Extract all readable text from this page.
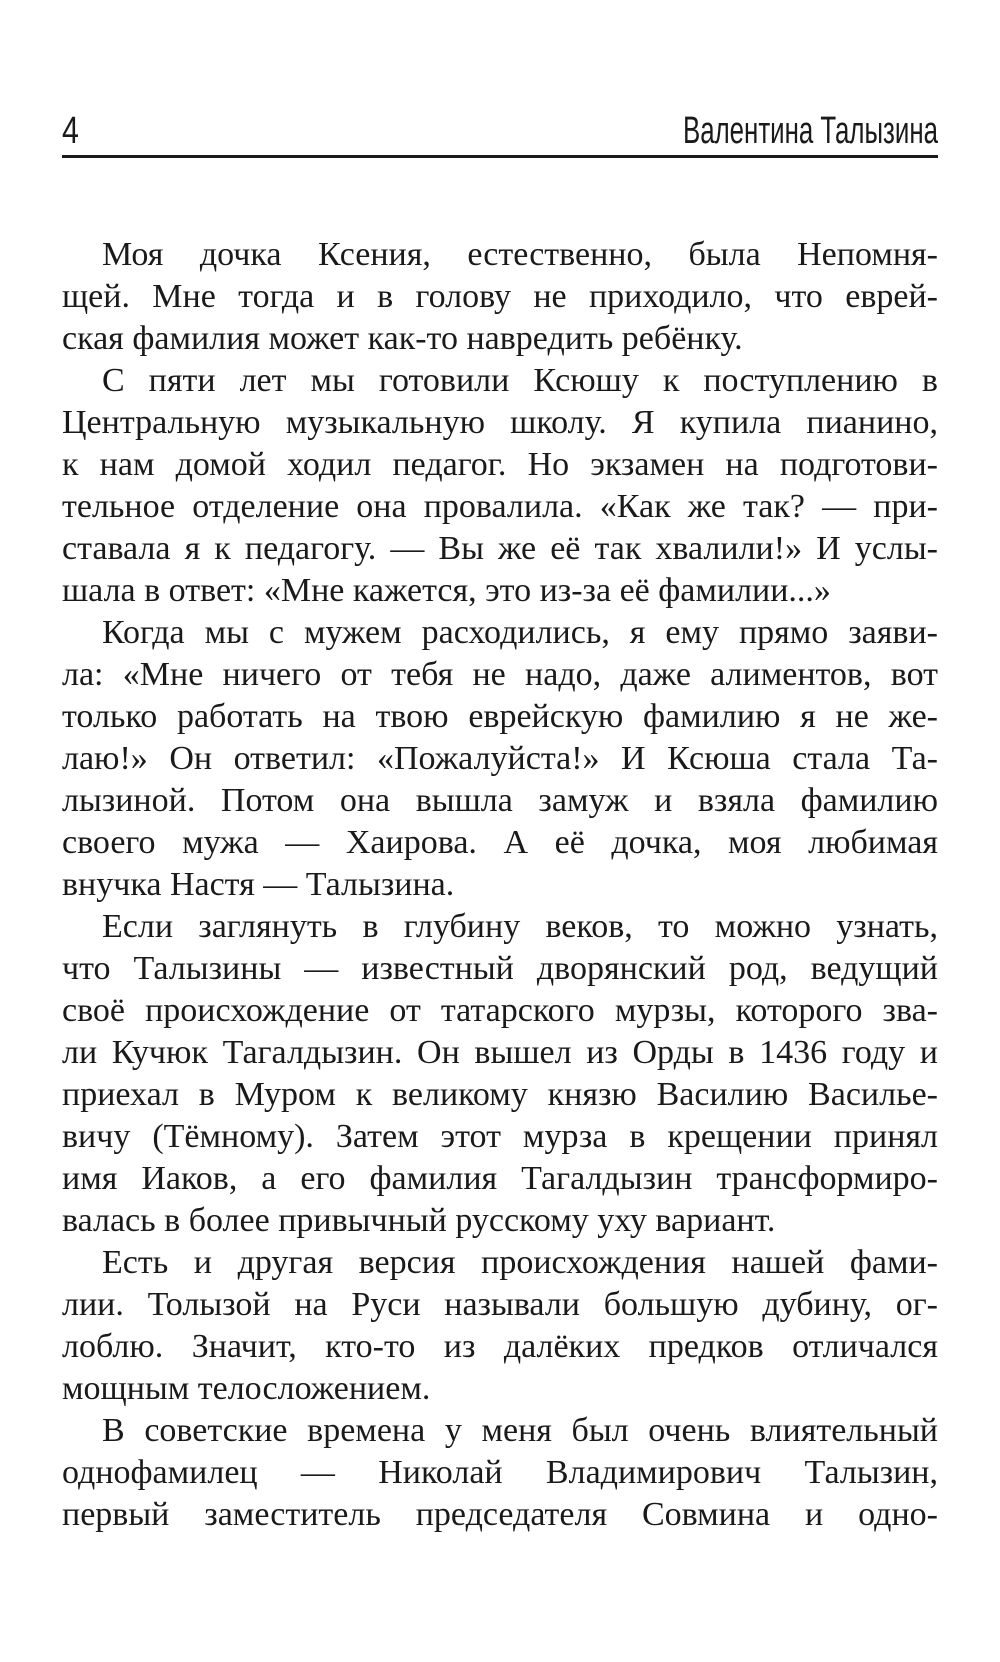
4	Валентина Талызина
Моя дочка Ксения, естественно, была Непомня-
щей. Мне тогда и в голову не приходило, что еврей-
ская фамилия может как-то навредить ребёнку.
С пяти лет мы готовили Ксюшу к поступлению в
Центральную музыкальную школу. Я купила пианино,
к нам домой ходил педагог. Но экзамен на подготови-
тельное отделение она провалила. «Как же так? — при-
ставала я к педагогу. — Вы же её так хвалили!» И услы-
шала в ответ: «Мне кажется, это из-за её фамилии...»
Когда мы с мужем расходились, я ему прямо заяви-
ла: «Мне ничего от тебя не надо, даже алиментов, вот
только работать на твою еврейскую фамилию я не же-
лаю!» Он ответил: «Пожалуйста!» И Ксюша стала Та-
лызиной. Потом она вышла замуж и взяла фамилию
своего мужа — Хаирова. А её дочка, моя любимая
внучка Настя — Талызина.
Если заглянуть в глубину веков, то можно узнать,
что Талызины — известный дворянский род, ведущий
своё происхождение от татарского мурзы, которого зва-
ли Кучюк Тагалдызин. Он вышел из Орды в 1436 году и
приехал в Муром к великому князю Василию Василье-
вичу (Тёмному). Затем этот мурза в крещении принял
имя Иаков, а его фамилия Тагалдызин трансформиро-
валась в более привычный русскому уху вариант.
Есть и другая версия происхождения нашей фами-
лии. Толызой на Руси называли большую дубину, ог-
лоблю. Значит, кто-то из далёких предков отличался
мощным телосложением.
В советские времена у меня был очень влиятельный
однофамилец — Николай Владимирович Талызин,
первый заместитель председателя Совмина и одно-
